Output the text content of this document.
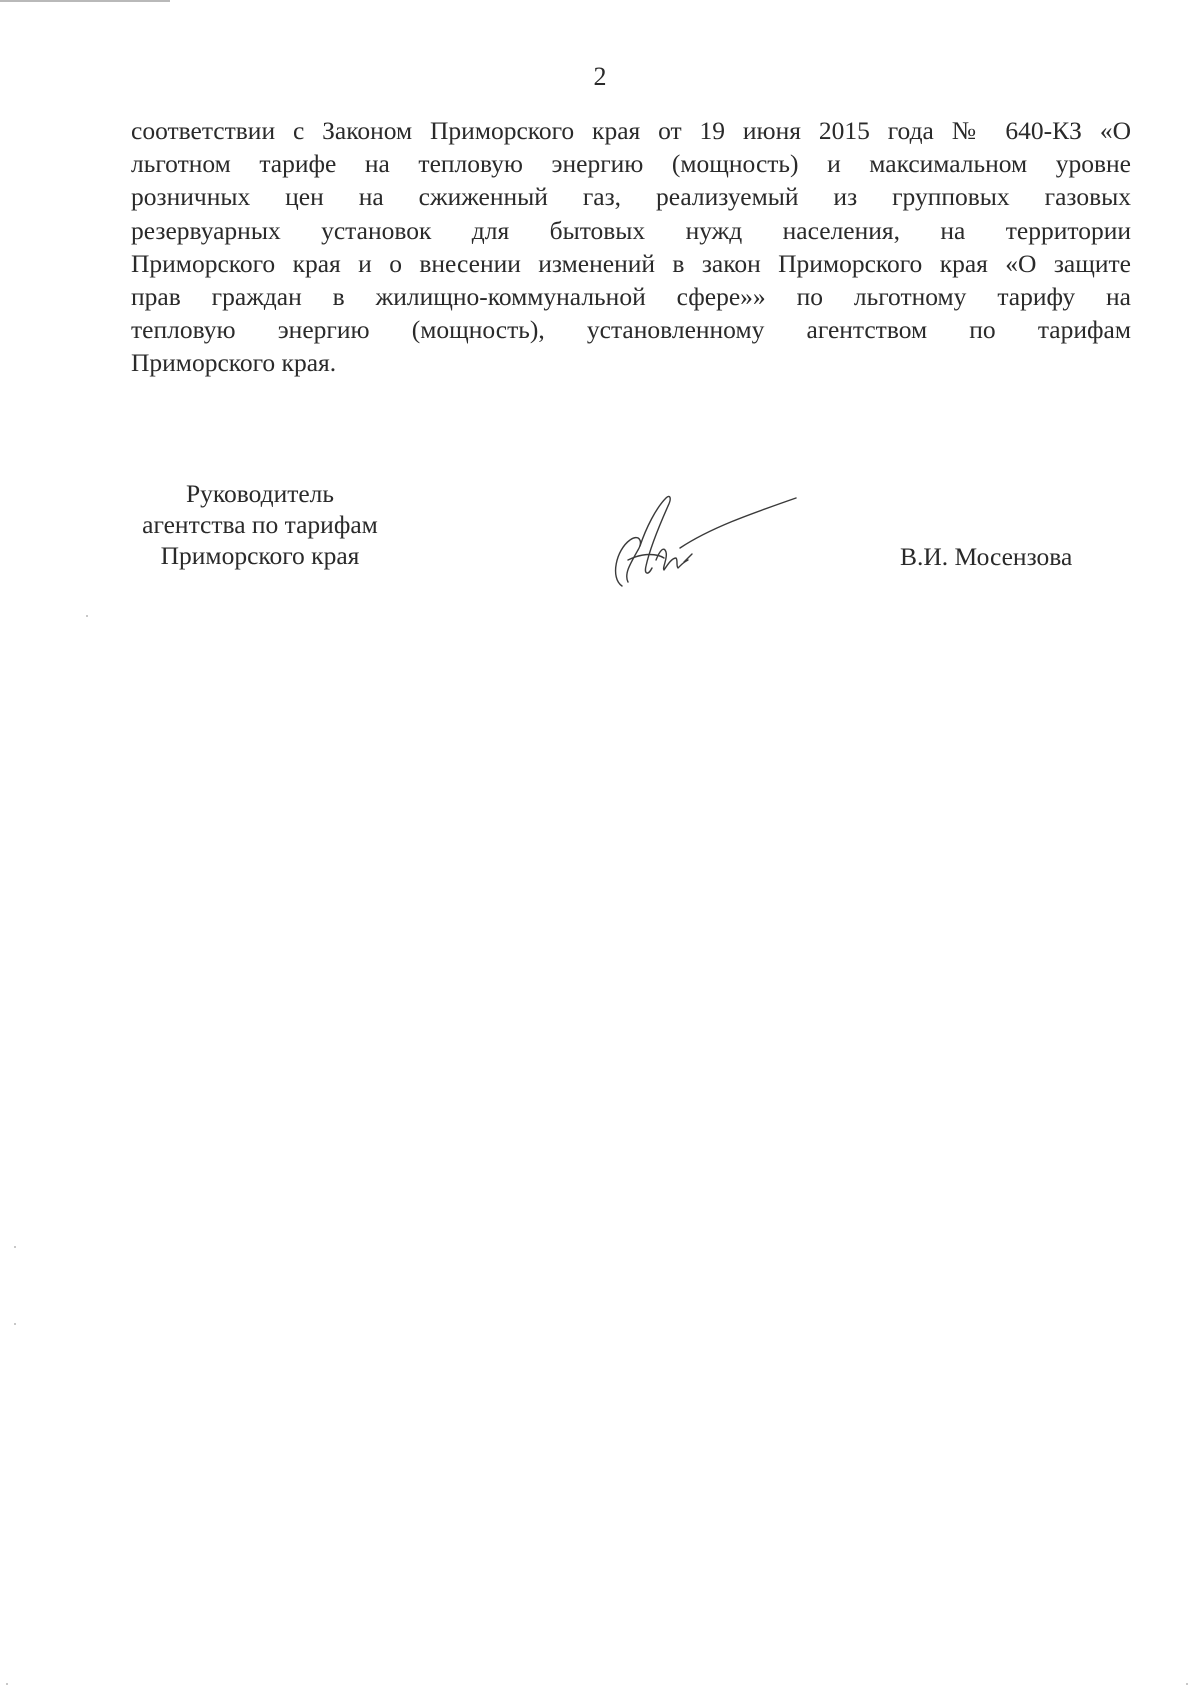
2

соответствии с Законом Приморского края от 19 июня 2015 года № 640-КЗ «О
льготном тарифе на тепловую энергию (мощность) и максимальном уровне
розничных цен на сжиженный газ, реализуемый из групповых газовых
резервуарных установок для бытовых нужд населения, на территории
Приморского края и о внесении изменений в закон Приморского края «О защите
прав граждан в жилищно-коммунальной сфере»» по льготному тарифу на
тепловую энергию (мощность), установленному агентством по тарифам
Приморского края.

Руководитель
агентства по тарифам
Приморского края	В.И. Мосензова
